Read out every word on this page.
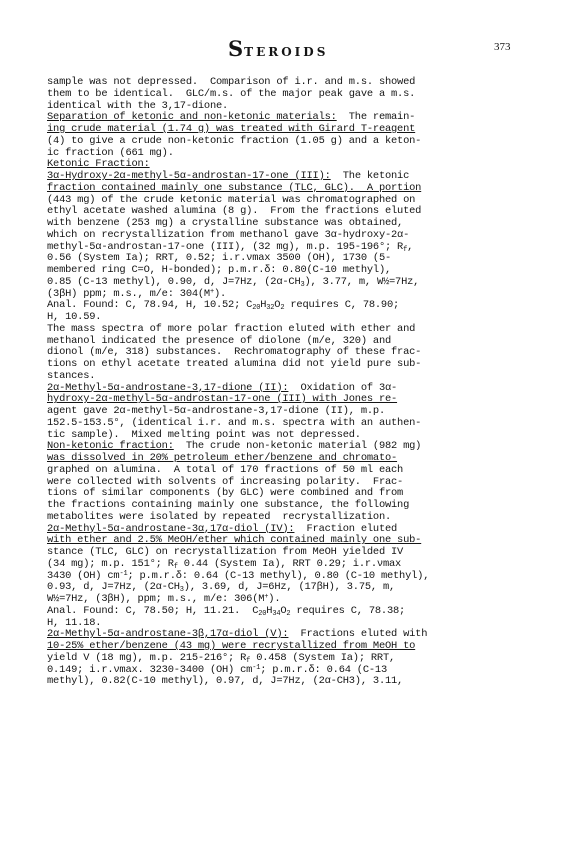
STEROIDS	373
sample was not depressed.  Comparison of i.r. and m.s. showed
them to be identical.  GLC/m.s. of the major peak gave a m.s.
identical with the 3,17-dione.
Separation of ketonic and non-ketonic materials:  The remain-
ing crude material (1.74 g) was treated with Girard T-reagent
(4) to give a crude non-ketonic fraction (1.05 g) and a keton-
ic fraction (661 mg).
Ketonic Fraction:
3α-Hydroxy-2α-methyl-5α-androstan-17-one (III):  The ketonic
fraction contained mainly one substance (TLC, GLC).  A portion
(443 mg) of the crude ketonic material was chromatographed on
ethyl acetate washed alumina (8 g).  From the fractions eluted
with benzene (253 mg) a crystalline substance was obtained,
which on recrystallization from methanol gave 3α-hydroxy-2α-
methyl-5α-androstan-17-one (III), (32 mg), m.p. 195-196°; $R_f$,
0.56 (System Ia); RRT, 0.52; i.r.νmax 3500 (OH), 1730 (5-
membered ring C=O, H-bonded); p.m.r.δ: 0.80(C-10 methyl),
0.85 (C-13 methyl), 0.90, d, J=7Hz, $(2\alpha-CH_3)$, 3.77, m, W½=7Hz,
(3βH) ppm; m.s., m/e: 304(M+).
Anal. Found: C, 78.94, H, 10.52; $C_{20}H_{32}O_2$ requires C, 78.90;
H, 10.59.
The mass spectra of more polar fraction eluted with ether and
methanol indicated the presence of diolone (m/e, 320) and
dionol (m/e, 318) substances.  Rechromatography of these frac-
tions on ethyl acetate treated alumina did not yield pure sub-
stances.
2α-Methyl-5α-androstane-3,17-dione (II):  Oxidation of 3α-
hydroxy-2α-methyl-5α-androstan-17-one (III) with Jones re-
agent gave 2α-methyl-5α-androstane-3,17-dione (II), m.p.
152.5-153.5°, (identical i.r. and m.s. spectra with an authen-
tic sample).  Mixed melting point was not depressed.
Non-ketonic fraction:  The crude non-ketonic material (982 mg)
was dissolved in 20% petroleum ether/benzene and chromato-
graphed on alumina.  A total of 170 fractions of 50 ml each
were collected with solvents of increasing polarity.  Frac-
tions of similar components (by GLC) were combined and from
the fractions containing mainly one substance, the following
metabolites were isolated by repeated  recrystallization.
2α-Methyl-5α-androstane-3α,17α-diol (IV):  Fraction eluted
with ether and 2.5% MeOH/ether which contained mainly one sub-
stance (TLC, GLC) on recrystallization from MeOH yielded IV
(34 mg); m.p. 151°; $R_f$ 0.44 (System Ia), RRT 0.29; i.r.νmax
3430 (OH) $cm^{-1}$; p.m.r.δ: 0.64 (C-13 methyl), 0.80 (C-10 methyl),
0.93, d, J=7Hz, $(2\alpha-CH_3)$, 3.69, d, J=6Hz, (17βH), 3.75, m,
W½=7Hz, (3βH), ppm; m.s., m/e: 306(M+).
Anal. Found: C, 78.50; H, 11.21.  $C_{20}H_{34}O_2$ requires C, 78.38;
H, 11.18.
2α-Methyl-5α-androstane-3β,17α-diol (V):  Fractions eluted with
10-25% ether/benzene (43 mg) were recrystallized from MeOH to
yield V (18 mg), m.p. 215-216°; $R_f$ 0.458 (System Ia); RRT,
0.149; i.r.νmax. 3230-3400 (OH) $cm^{-1}$; p.m.r.δ: 0.64 (C-13
methyl), 0.82(C-10 methyl), 0.97, d, J=7Hz, (2α-CH3), 3.11,
